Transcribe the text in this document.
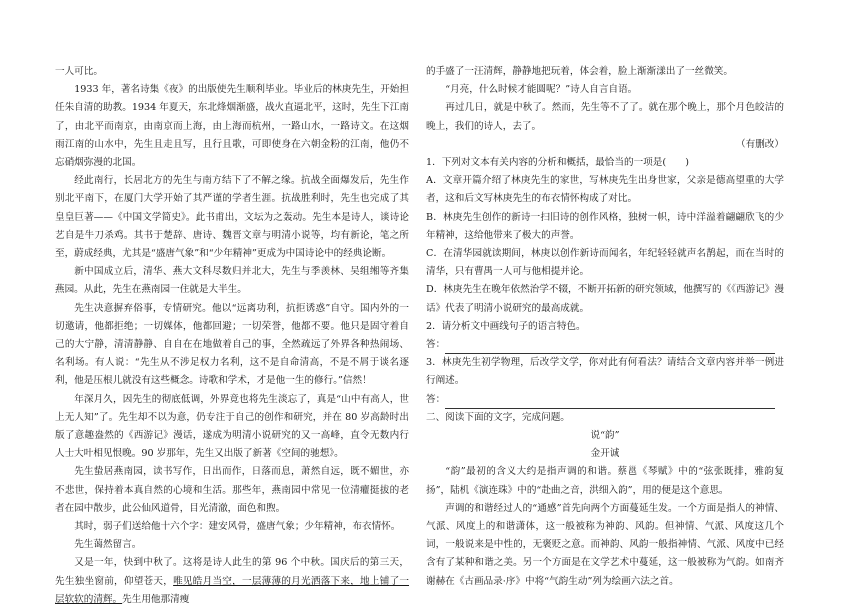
一人可比。

1933 年，著名诗集《夜》的出版使先生顺利毕业。毕业后的林庚先生，开始担任朱自清的助教。1934 年夏天，东北烽烟渐盛，战火直逼北平，这时，先生下江南了，由北平而南京，由南京而上海，由上海而杭州，一路山水，一路诗文。在这烟雨江南的山水中，先生且走且写，且行且歌，可即使身在六朝金粉的江南，他仍不忘硝烟弥漫的北国。

经此南行，长居北方的先生与南方结下了不解之缘。抗战全面爆发后，先生作别北平南下，在厦门大学开始了其严谨的学者生涯。抗战胜利时，先生也完成了其皇皇巨著——《中国文学简史》。此书甫出，文坛为之轰动。先生本是诗人，谈诗论艺自是牛刀杀鸡。其书于楚辞、唐诗、魏晋文章与明清小说等，均有新论，笔之所至，蔚成经典，尤其是“盛唐气象”和“少年精神”更成为中国诗论中的经典论断。

新中国成立后，清华、燕大文科尽数归并北大，先生与季羡林、吴组缃等齐集燕园。从此，先生在燕南园一住就是大半生。

先生决意摒弃俗事，专情研究。他以“远离功利，抗拒诱惑”自守。国内外的一切邀请，他都拒绝；一切媒体，他都回避；一切荣誉，他都不要。他只是固守着自己的大宁静，清清静静、自自在在地做着自己的事，全然疏远了外界各种热闹场、名利场。有人说：“先生从不涉足权力名利，这不是自命清高，不是不屑于谈名逐利，他是压根儿就没有这些概念。诗歌和学术，才是他一生的修行。”信然！

年深月久，因先生的彻底低调，外界竟也将先生淡忘了，真是“山中有高人，世上无人知”了。先生却不以为意，仍专注于自己的创作和研究，并在 80 岁高龄时出版了意趣盎然的《西游记》漫话，遂成为明清小说研究的又一高峰，直令无数内行人士大叶相见恨晚。90 岁那年，先生又出版了新著《空间的驰想》。

先生蛰居燕南园，读书写作，日出而作，日落而息，萧然自远，既不媚世，亦不悲世，保持着本真自然的心境和生活。那些年，燕南园中常见一位清癯挺拔的老者在园中散步，此公仙风道骨，目光清澈，面色和煦。

其时，弱子们送给他十六个字：建安风骨，盛唐气象；少年精神，布衣情怀。

先生蔼然留言。

又是一年，快到中秋了。这将是诗人此生的第 96 个中秋。国庆后的第三天，先生独坐窗前，仰望苍天，唯见皓月当空，一层薄薄的月光洒落下来，地上铺了一层软软的清辉。先生用他那清瘦

的手盛了一汪清辉，静静地把玩着，体会着，脸上渐渐漾出了一丝微笑。

“月亮，什么时候才能圆呢？”诗人自言自语。

再过几日，就是中秋了。然而，先生等不了了。就在那个晚上，那个月色皎洁的晚上，我们的诗人，去了。

（有删改）

1．下列对文本有关内容的分析和概括，最恰当的一项是(　　)

A．文章开篇介绍了林庚先生的家世，写林庚先生出身世家，父亲是德高望重的大学者，这和后文写林庚先生的布衣情怀构成了对比。

B．林庚先生创作的新诗一扫旧诗的创作风格，独树一帜，诗中洋溢着翩翩欣飞的少年精神，这给他带来了极大的声誉。

C．在清华园就读期间，林庚以创作新诗而闻名，年纪轻轻就声名鹊起，而在当时的清华，只有曹禺一人可与他相提并论。

D．林庚先生在晚年依然治学不辍，不断开拓新的研究领域，他撰写的《《西游记》漫话》代表了明清小说研究的最高成就。

2．请分析文中画线句子的语言特色。

答：

3．林庚先生初学物理，后改学文学，你对此有何看法？请结合文章内容并举一例进行阐述。

答：

二、阅读下面的文字，完成问题。

说“韵”

金开诚

“韵”最初的含义大约是指声调的和谐。蔡邕《琴赋》中的“弦张既排，雅韵复扬”，陆机《演连珠》中的“赴曲之音，洪细入韵”，用的便是这个意思。

声调的和谐经过人的“通感”首先向两个方面蔓延生发。一个方面是指人的神情、气派、风度上的和谐潇体，这一般被称为神韵、风韵。但神情、气派、风度这几个词，一般说来是中性的，无褒贬之意。而神韵、风韵一般指神情、气派、风度中已经含有了某种和谐之美。另一个方面是在文学艺术中蔓延，这一般被称为气韵。如南齐谢赫在《古画品录·序》中将“气韵生动”列为绘画六法之首。
